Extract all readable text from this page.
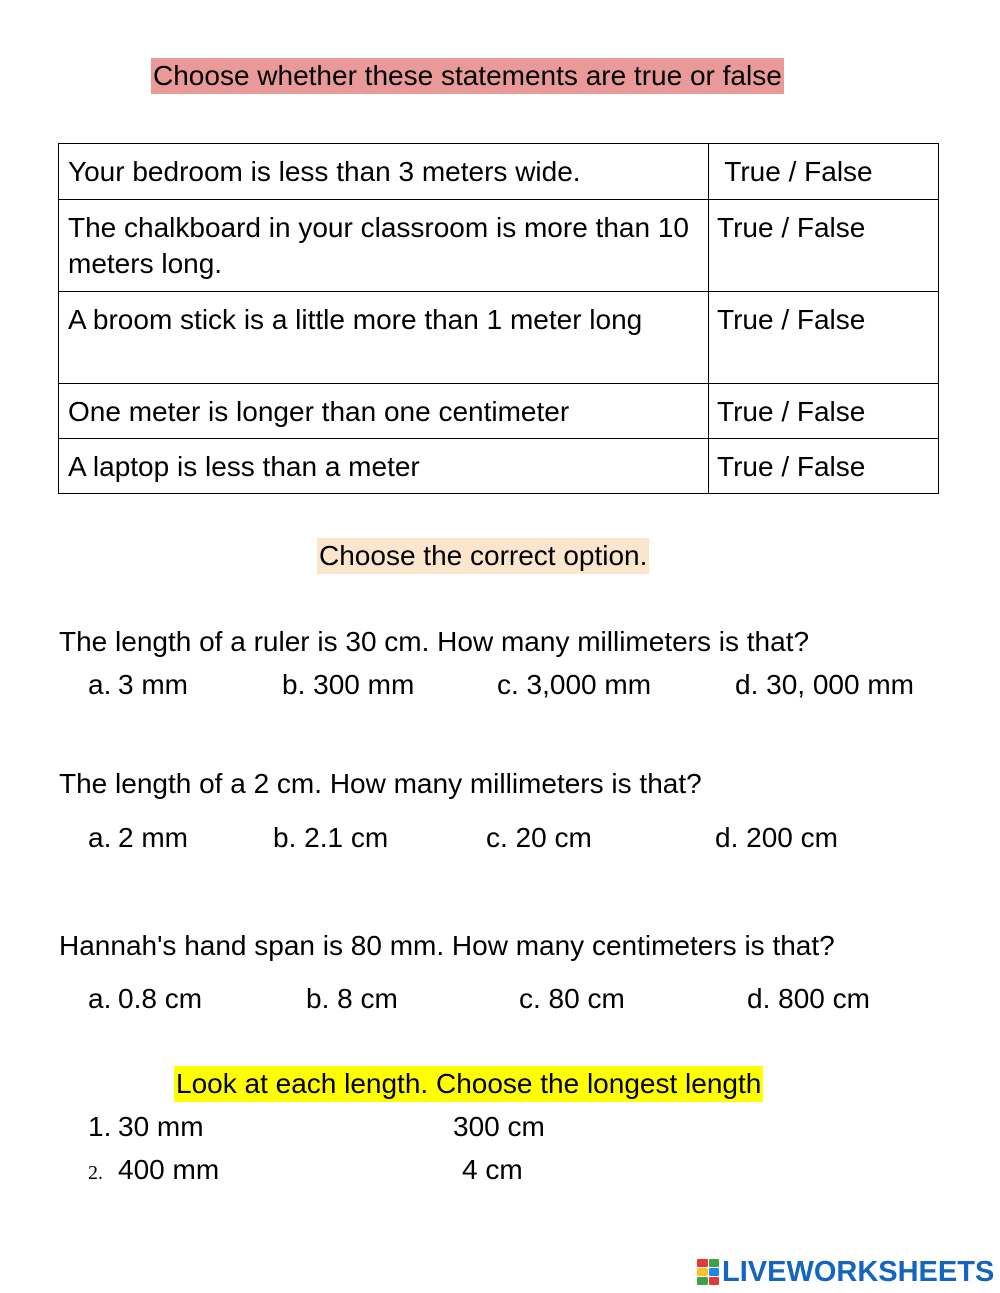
Choose whether these statements are true or false
Your bedroom is less than 3 meters wide.	True / False
The chalkboard in your classroom is more than 10 meters long.	True / False
A broom stick is a little more than 1 meter long	True / False
One meter is longer than one centimeter	True / False
A laptop is less than a meter	True / False
Choose the correct option.
The length of a ruler is 30 cm. How many millimeters is that?
a. 3 mm	b. 300 mm	c. 3,000 mm	d. 30, 000 mm
The length of a 2 cm. How many millimeters is that?
a. 2 mm	b. 2.1 cm	c. 20 cm	d. 200 cm
Hannah's hand span is 80 mm. How many centimeters is that?
a. 0.8 cm	b. 8 cm	c. 80 cm	d. 800 cm
Look at each length. Choose the longest length
1. 30 mm	300 cm
2. 400 mm	4 cm
LIVEWORKSHEETS
